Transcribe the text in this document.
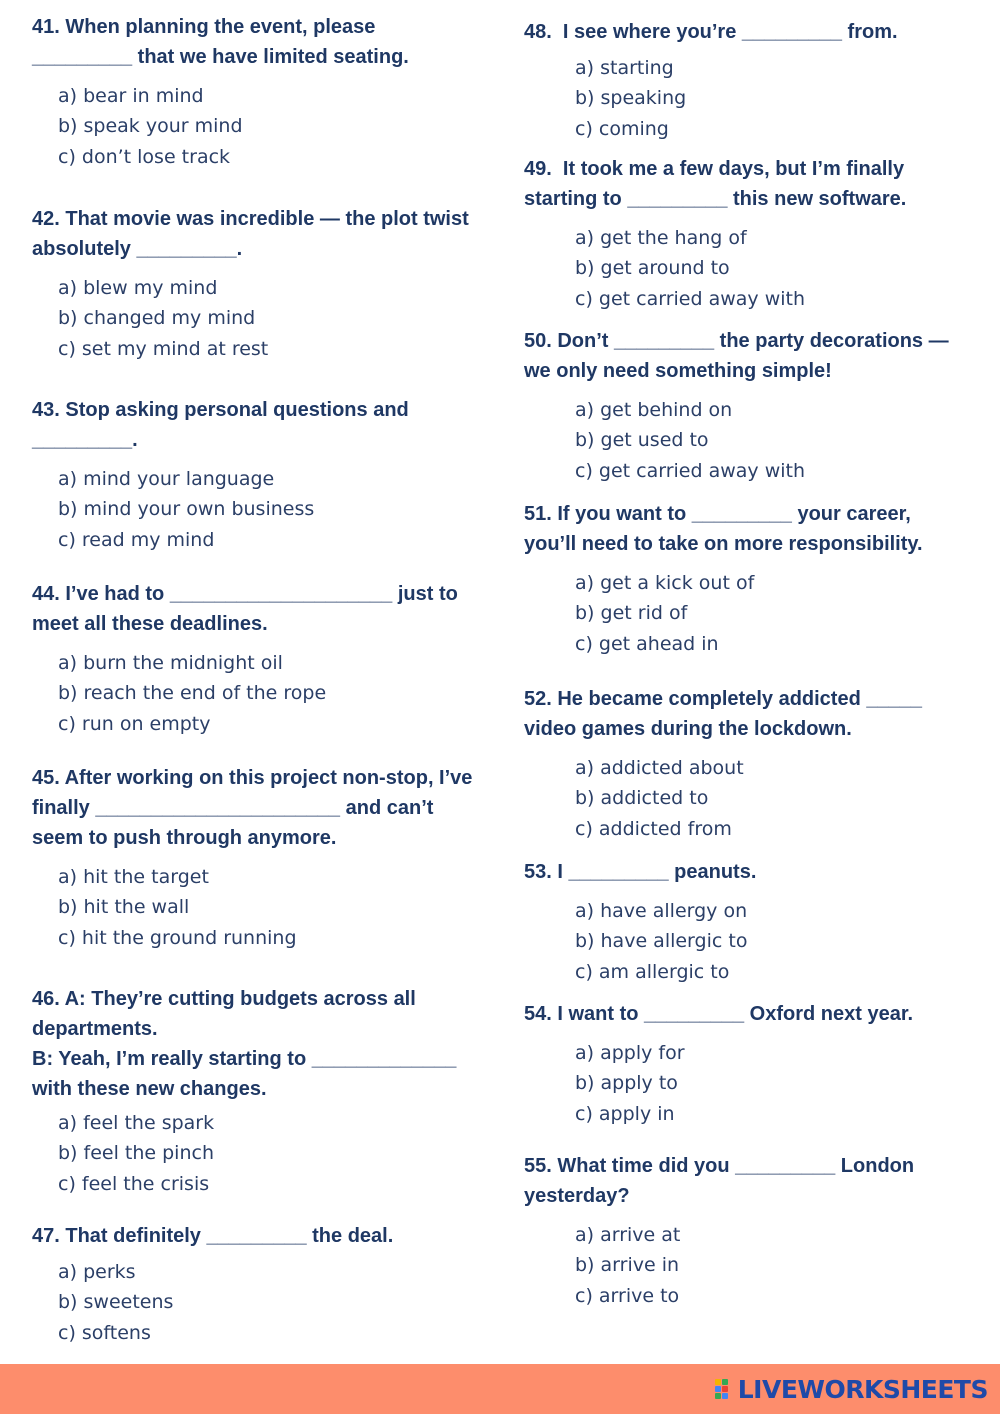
41. When planning the event, please
_________ that we have limited seating.
a) bear in mind
b) speak your mind
c) don’t lose track
42. That movie was incredible — the plot twist
absolutely _________.
a) blew my mind
b) changed my mind
c) set my mind at rest
43. Stop asking personal questions and
_________.
a) mind your language
b) mind your own business
c) read my mind
44. I’ve had to ____________________ just to
meet all these deadlines.
a) burn the midnight oil
b) reach the end of the rope
c) run on empty
45. After working on this project non-stop, I’ve
finally ______________________ and can’t
seem to push through anymore.
a) hit the target
b) hit the wall
c) hit the ground running
46. A: They’re cutting budgets across all
departments.
B: Yeah, I’m really starting to _____________
with these new changes.
a) feel the spark
b) feel the pinch
c) feel the crisis
47. That definitely _________ the deal.
a) perks
b) sweetens
c) softens
48.  I see where you’re _________ from.
a) starting
b) speaking
c) coming
49.  It took me a few days, but I’m finally
starting to _________ this new software.
a) get the hang of
b) get around to
c) get carried away with
50. Don’t _________ the party decorations —
we only need something simple!
a) get behind on
b) get used to
c) get carried away with
51. If you want to _________ your career,
you’ll need to take on more responsibility.
a) get a kick out of
b) get rid of
c) get ahead in
52. He became completely addicted _____
video games during the lockdown.
a) addicted about
b) addicted to
c) addicted from
53. I _________ peanuts.
a) have allergy on
b) have allergic to
c) am allergic to
54. I want to _________ Oxford next year.
a) apply for
b) apply to
c) apply in
55. What time did you _________ London
yesterday?
a) arrive at
b) arrive in
c) arrive to
LIVEWORKSHEETS
